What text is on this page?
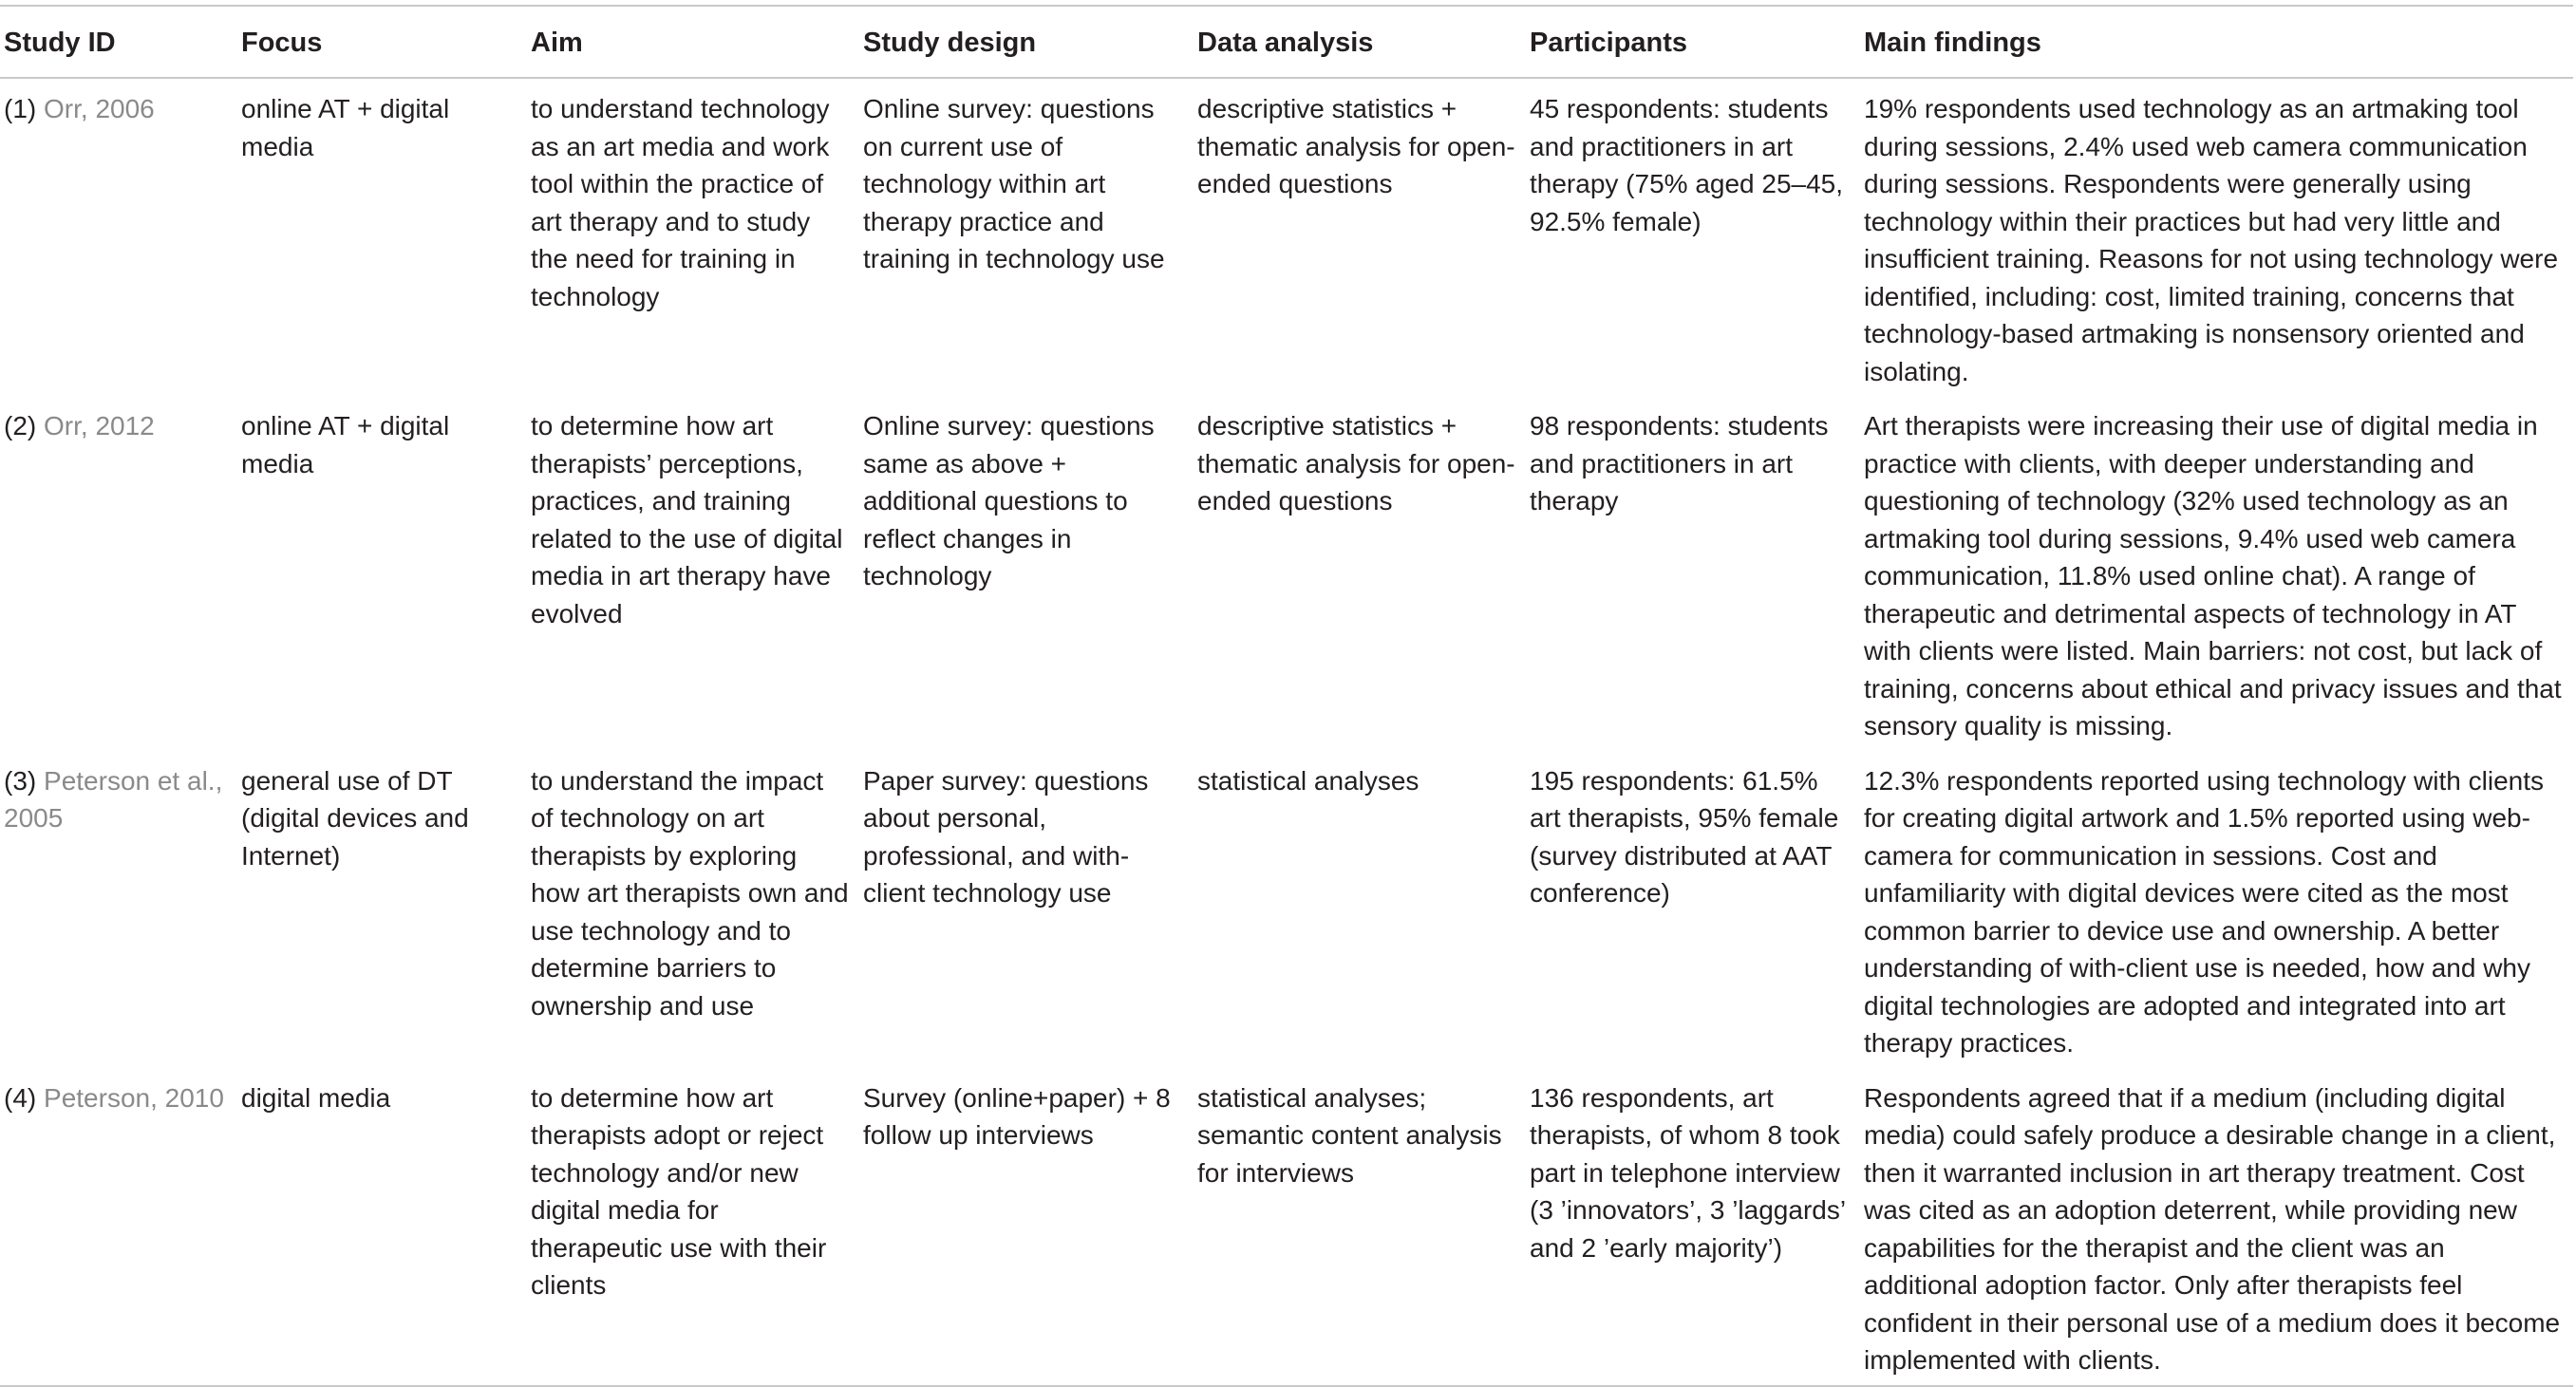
Study ID	Focus	Aim	Study design	Data analysis	Participants	Main findings
(1) Orr, 2006	online AT + digital media	to understand technology as an art media and work tool within the practice of art therapy and to study the need for training in technology	Online survey: questions on current use of technology within art therapy practice and training in technology use	descriptive statistics + thematic analysis for open-ended questions	45 respondents: students and practitioners in art therapy (75% aged 25–45, 92.5% female)	19% respondents used technology as an artmaking tool during sessions, 2.4% used web camera communication during sessions. Respondents were generally using technology within their practices but had very little and insufficient training. Reasons for not using technology were identified, including: cost, limited training, concerns that technology-based artmaking is nonsensory oriented and isolating.
(2) Orr, 2012	online AT + digital media	to determine how art therapists’ perceptions, practices, and training related to the use of digital media in art therapy have evolved	Online survey: questions same as above + additional questions to reflect changes in technology	descriptive statistics + thematic analysis for open-ended questions	98 respondents: students and practitioners in art therapy	Art therapists were increasing their use of digital media in practice with clients, with deeper understanding and questioning of technology (32% used technology as an artmaking tool during sessions, 9.4% used web camera communication, 11.8% used online chat). A range of therapeutic and detrimental aspects of technology in AT with clients were listed. Main barriers: not cost, but lack of training, concerns about ethical and privacy issues and that sensory quality is missing.
(3) Peterson et al., 2005	general use of DT (digital devices and Internet)	to understand the impact of technology on art therapists by exploring how art therapists own and use technology and to determine barriers to ownership and use	Paper survey: questions about personal, professional, and with-client technology use	statistical analyses	195 respondents: 61.5% art therapists, 95% female (survey distributed at AAT conference)	12.3% respondents reported using technology with clients for creating digital artwork and 1.5% reported using web-camera for communication in sessions. Cost and unfamiliarity with digital devices were cited as the most common barrier to device use and ownership. A better understanding of with-client use is needed, how and why digital technologies are adopted and integrated into art therapy practices.
(4) Peterson, 2010	digital media	to determine how art therapists adopt or reject technology and/or new digital media for therapeutic use with their clients	Survey (online+paper) + 8 follow up interviews	statistical analyses; semantic content analysis for interviews	136 respondents, art therapists, of whom 8 took part in telephone interview (3 ’innovators’, 3 ’laggards’ and 2 ’early majority’)	Respondents agreed that if a medium (including digital media) could safely produce a desirable change in a client, then it warranted inclusion in art therapy treatment. Cost was cited as an adoption deterrent, while providing new capabilities for the therapist and the client was an additional adoption factor. Only after therapists feel confident in their personal use of a medium does it become implemented with clients.
